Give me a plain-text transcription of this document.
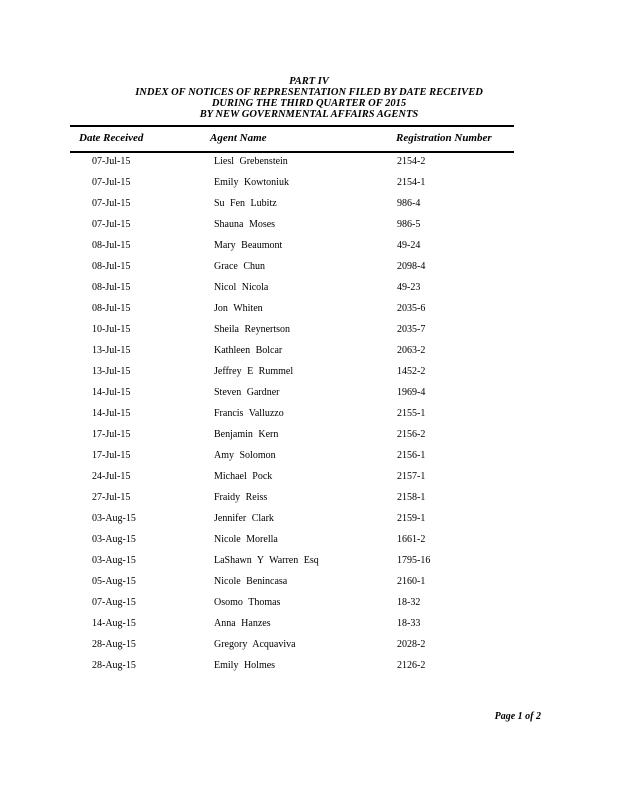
PART IV
INDEX OF NOTICES OF REPRESENTATION FILED BY DATE RECEIVED
DURING THE THIRD QUARTER OF 2015
BY NEW GOVERNMENTAL AFFAIRS AGENTS
Date Received	Agent Name	Registration Number
07-Jul-15	Liesl Grebenstein	2154-2
07-Jul-15	Emily Kowtoniuk	2154-1
07-Jul-15	Su Fen Lubitz	986-4
07-Jul-15	Shauna Moses	986-5
08-Jul-15	Mary Beaumont	49-24
08-Jul-15	Grace Chun	2098-4
08-Jul-15	Nicol Nicola	49-23
08-Jul-15	Jon Whiten	2035-6
10-Jul-15	Sheila Reynertson	2035-7
13-Jul-15	Kathleen Bolcar	2063-2
13-Jul-15	Jeffrey E Rummel	1452-2
14-Jul-15	Steven Gardner	1969-4
14-Jul-15	Francis Valluzzo	2155-1
17-Jul-15	Benjamin Kern	2156-2
17-Jul-15	Amy Solomon	2156-1
24-Jul-15	Michael Pock	2157-1
27-Jul-15	Fraidy Reiss	2158-1
03-Aug-15	Jennifer Clark	2159-1
03-Aug-15	Nicole Morella	1661-2
03-Aug-15	LaShawn Y Warren Esq	1795-16
05-Aug-15	Nicole Benincasa	2160-1
07-Aug-15	Osomo Thomas	18-32
14-Aug-15	Anna Hanzes	18-33
28-Aug-15	Gregory Acquaviva	2028-2
28-Aug-15	Emily Holmes	2126-2
Page 1 of 2
